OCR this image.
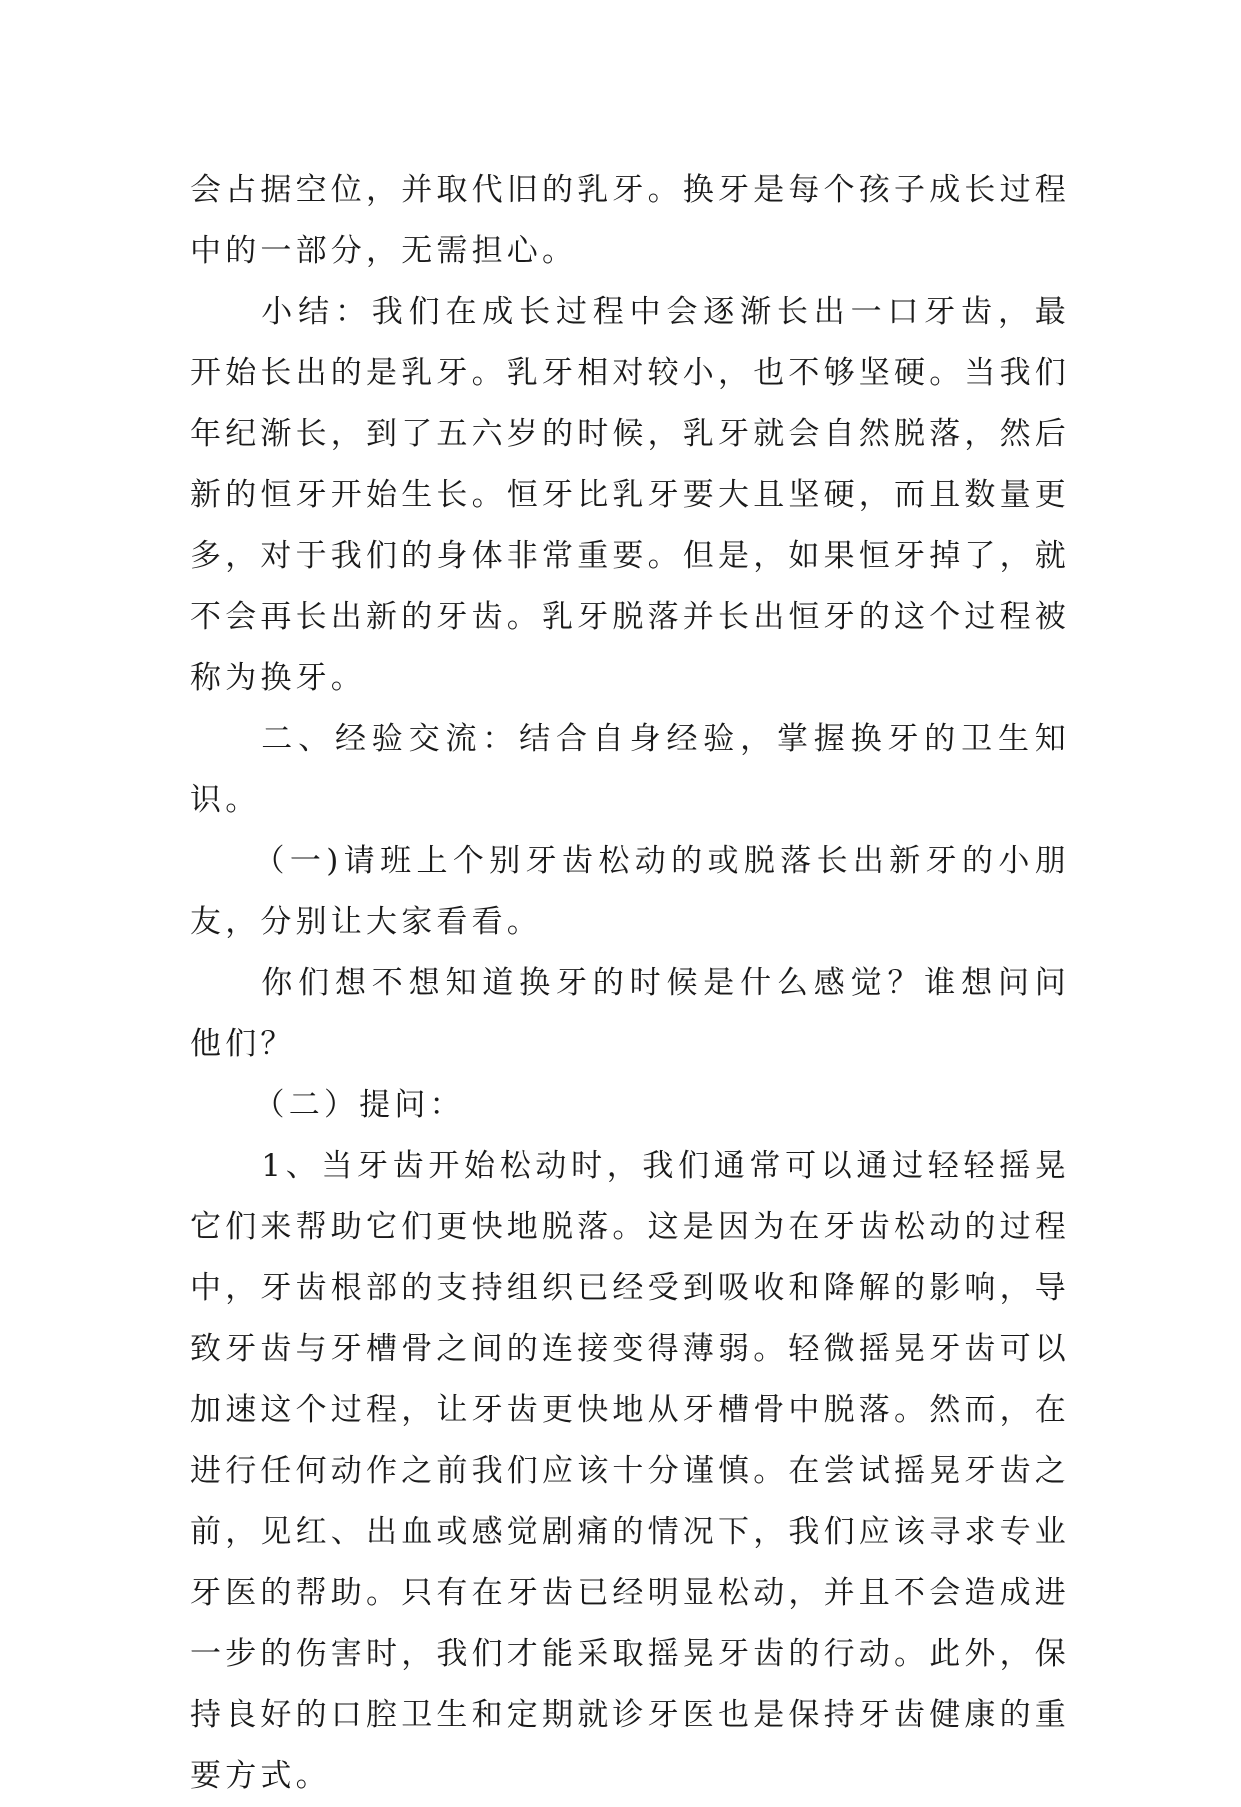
会占据空位，并取代旧的乳牙。换牙是每个孩子成长过程中的一部分，无需担心。

小结：我们在成长过程中会逐渐长出一口牙齿，最开始长出的是乳牙。乳牙相对较小，也不够坚硬。当我们年纪渐长，到了五六岁的时候，乳牙就会自然脱落，然后新的恒牙开始生长。恒牙比乳牙要大且坚硬，而且数量更多，对于我们的身体非常重要。但是，如果恒牙掉了，就不会再长出新的牙齿。乳牙脱落并长出恒牙的这个过程被称为换牙。

二、经验交流：结合自身经验，掌握换牙的卫生知识。

（一)请班上个别牙齿松动的或脱落长出新牙的小朋友，分别让大家看看。

你们想不想知道换牙的时候是什么感觉？谁想问问他们？

（二）提问：

1、当牙齿开始松动时，我们通常可以通过轻轻摇晃它们来帮助它们更快地脱落。这是因为在牙齿松动的过程中，牙齿根部的支持组织已经受到吸收和降解的影响，导致牙齿与牙槽骨之间的连接变得薄弱。轻微摇晃牙齿可以加速这个过程，让牙齿更快地从牙槽骨中脱落。然而，在进行任何动作之前我们应该十分谨慎。在尝试摇晃牙齿之前，见红、出血或感觉剧痛的情况下，我们应该寻求专业牙医的帮助。只有在牙齿已经明显松动，并且不会造成进一步的伤害时，我们才能采取摇晃牙齿的行动。此外，保持良好的口腔卫生和定期就诊牙医也是保持牙齿健康的重要方式。
